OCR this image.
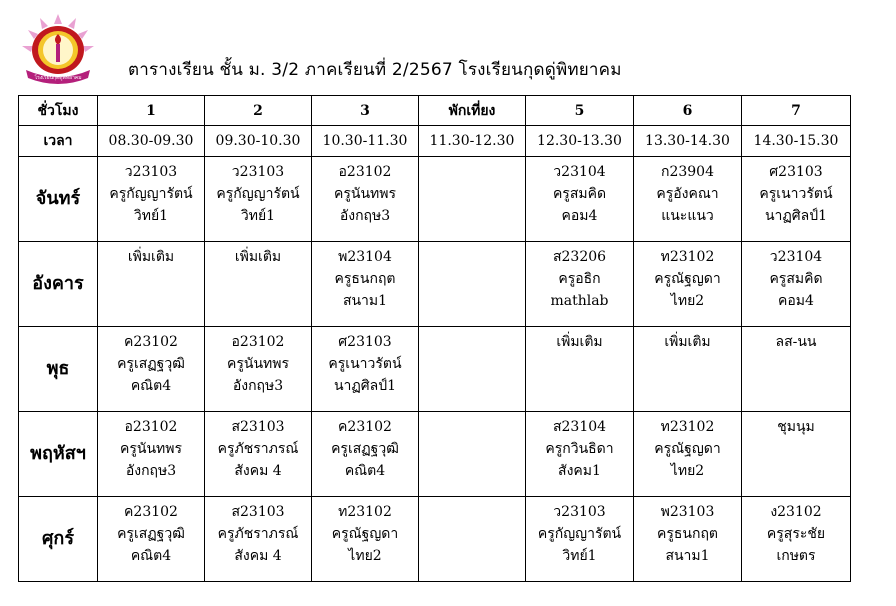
โรงเรียนกุดดู่พิทยาคม	ตารางเรียน ชั้น ม. 3/2 ภาคเรียนที่ 2/2567 โรงเรียนกุดดู่พิทยาคม
ชั่วโมง	1	2	3	พักเที่ยง	5	6	7
เวลา	08.30-09.30	09.30-10.30	10.30-11.30	11.30-12.30	12.30-13.30	13.30-14.30	14.30-15.30
จันทร์	ว23103
ครูกัญญารัตน์
วิทย์1	ว23103
ครูกัญญารัตน์
วิทย์1	อ23102
ครูนันทพร
อังกฤษ3		ว23104
ครูสมคิด
คอม4	ก23904
ครูอังคณา
แนะแนว	ศ23103
ครูเนาวรัตน์
นาฏศิลป์1

อังคาร	เพิ่มเติม	เพิ่มเติม	พ23104
ครูธนกฤต
สนาม1		ส23206
ครูอธิก
mathlab	ท23102
ครูณัฐญดา
ไทย2	ว23104
ครูสมคิด
คอม4

พุธ	ค23102
ครูเสฏฐวุฒิ
คณิต4	อ23102
ครูนันทพร
อังกฤษ3	ศ23103
ครูเนาวรัตน์
นาฏศิลป์1		เพิ่มเติม	เพิ่มเติม	ลส-นน

พฤหัสฯ	อ23102
ครูนันทพร
อังกฤษ3	ส23103
ครูภัชราภรณ์
สังคม 4	ค23102
ครูเสฏฐวุฒิ
คณิต4		ส23104
ครูกวินธิดา
สังคม1	ท23102
ครูณัฐญดา
ไทย2	ชุมนุม

ศุกร์	ค23102
ครูเสฏฐวุฒิ
คณิต4	ส23103
ครูภัชราภรณ์
สังคม 4	ท23102
ครูณัฐญดา
ไทย2		ว23103
ครูกัญญารัตน์
วิทย์1	พ23103
ครูธนกฤต
สนาม1	ง23102
ครูสุระชัย
เกษตร
